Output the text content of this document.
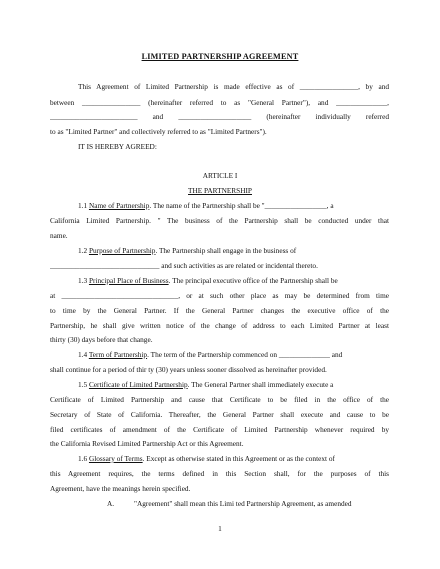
LIMITED PARTNERSHIP AGREEMENT
This Agreement of Limited Partnership is made effective as of ________________, by and
between ________________ (hereinafter referred to as "General Partner"), and ______________,
________________________ and ____________________ (hereinafter individually referred
to as "Limited Partner" and collectively referred to as "Limited Partners").
IT IS HEREBY AGREED:
ARTICLE I
THE PARTNERSHIP
1.1 Name of Partnership. The name of the Partnership shall be "_________________, a
California Limited Partnership. " The business of the Partnership shall be conducted under that
name.
1.2 Purpose of Partnership. The Partnership shall engage in the business of
______________________________ and such activities as are related or incidental thereto.
1.3 Principal Place of Business. The principal executive office of the Partnership shall be
at ________________________________, or at such other place as may be determined from time
to time by the General Partner. If the General Partner changes the executive office of the
Partnership, he shall give written notice of the change of address to each Limited Partner at least
thirty (30) days before that change.
1.4 Term of Partnership. The term of the Partnership commenced on ______________ and
shall continue for a period of thir ty (30) years unless sooner dissolved as hereinafter provided.
1.5 Certificate of Limited Partnership. The General Partner shall immediately execute a
Certificate of Limited Partnership and cause that Certificate to be filed in the office of the
Secretary of State of California. Thereafter, the General Partner shall execute and cause to be
filed certificates of amendment of the Certificate of Limited Partnership whenever required by
the California Revised Limited Partnership Act or this Agreement.
1.6 Glossary of Terms. Except as otherwise stated in this Agreement or as the context of
this Agreement requires, the terms defined in this Section shall, for the purposes of this
Agreement, have the meanings herein specified.
A.	"Agreement" shall mean this Limi ted Partnership Agreement, as amended
1
